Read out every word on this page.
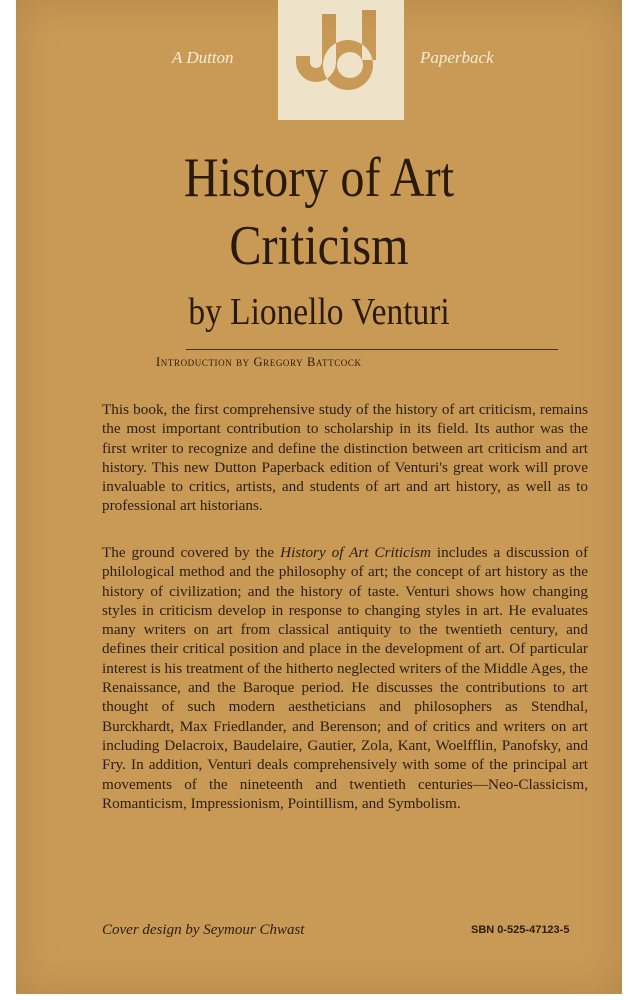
A Dutton	Paperback
History of Art
Criticism
by Lionello Venturi
Introduction by Gregory Battcock

This book, the first comprehensive study of the history of art criticism, remains the most important contribution to scholarship in its field. Its author was the first writer to recognize and define the distinction between art criticism and art history. This new Dutton Paperback edition of Venturi's great work will prove invaluable to critics, artists, and students of art and art history, as well as to professional art historians.

The ground covered by the History of Art Criticism includes a discussion of philological method and the philosophy of art; the concept of art history as the history of civilization; and the history of taste. Venturi shows how changing styles in criticism develop in response to changing styles in art. He evaluates many writers on art from classical antiquity to the twentieth century, and defines their critical position and place in the development of art. Of particular interest is his treatment of the hitherto neglected writers of the Middle Ages, the Renaissance, and the Baroque period. He discusses the contributions to art thought of such modern aestheticians and philosophers as Stendhal, Burckhardt, Max Friedlander, and Berenson; and of critics and writers on art including Delacroix, Baudelaire, Gautier, Zola, Kant, Woelfflin, Panofsky, and Fry. In addition, Venturi deals comprehensively with some of the principal art movements of the nineteenth and twentieth centuries—Neo-Classicism, Romanticism, Impressionism, Pointillism, and Symbolism.

Cover design by Seymour Chwast	SBN 0-525-47123-5
